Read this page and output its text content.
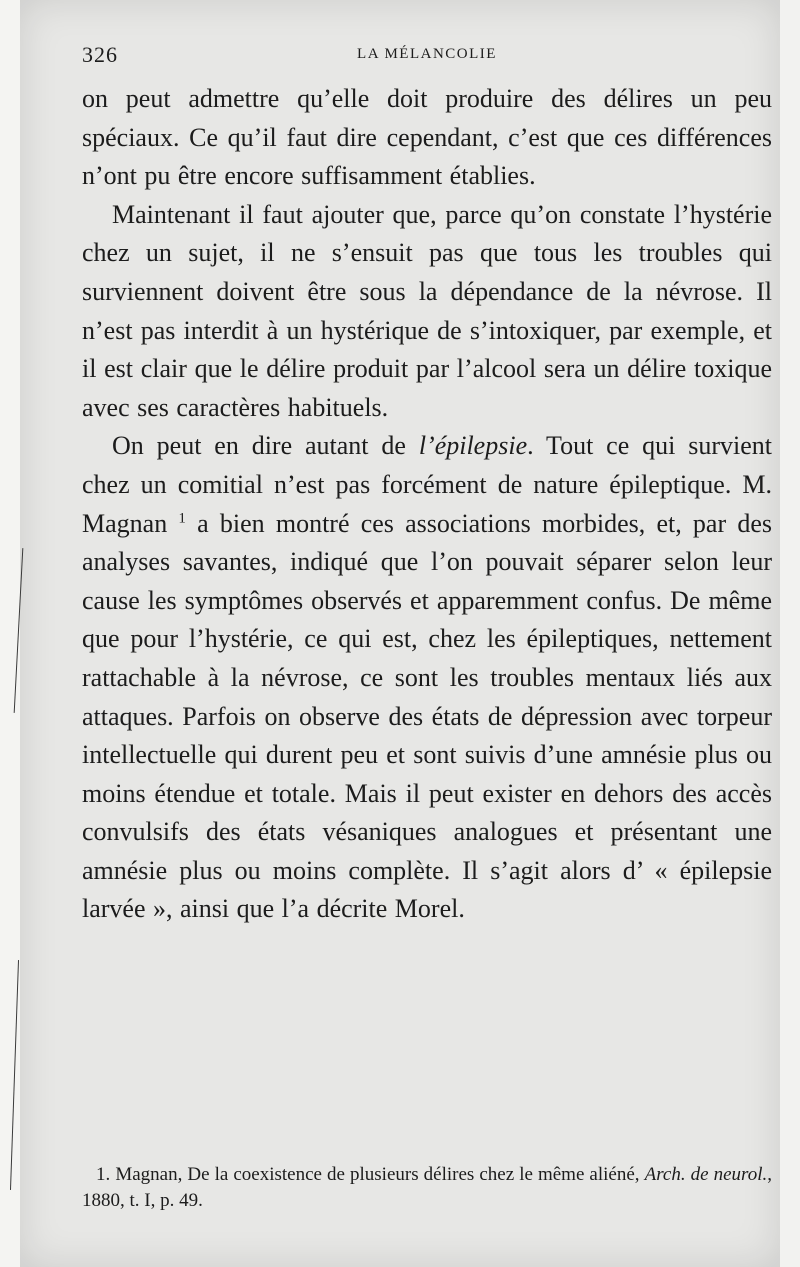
326	LA MÉLANCOLIE

on peut admettre qu’elle doit produire des délires un peu spéciaux. Ce qu’il faut dire cependant, c’est que ces différences n’ont pu être encore suffisamment établies.

Maintenant il faut ajouter que, parce qu’on constate l’hystérie chez un sujet, il ne s’ensuit pas que tous les troubles qui surviennent doivent être sous la dépendance de la névrose. Il n’est pas interdit à un hystérique de s’intoxiquer, par exemple, et il est clair que le délire produit par l’alcool sera un délire toxique avec ses caractères habituels.

On peut en dire autant de l’épilepsie. Tout ce qui survient chez un comitial n’est pas forcément de nature épileptique. M. Magnan $^1$ a bien montré ces associations morbides, et, par des analyses savantes, indiqué que l’on pouvait séparer selon leur cause les symptômes observés et apparemment confus. De même que pour l’hystérie, ce qui est, chez les épileptiques, nettement rattachable à la névrose, ce sont les troubles mentaux liés aux attaques. Parfois on observe des états de dépression avec torpeur intellectuelle qui durent peu et sont suivis d’une amnésie plus ou moins étendue et totale. Mais il peut exister en dehors des accès convulsifs des états vésaniques analogues et présentant une amnésie plus ou moins complète. Il s’agit alors d’ « épilepsie larvée », ainsi que l’a décrite Morel.

1. Magnan, De la coexistence de plusieurs délires chez le même aliéné, Arch. de neurol., 1880, t. I, p. 49.
